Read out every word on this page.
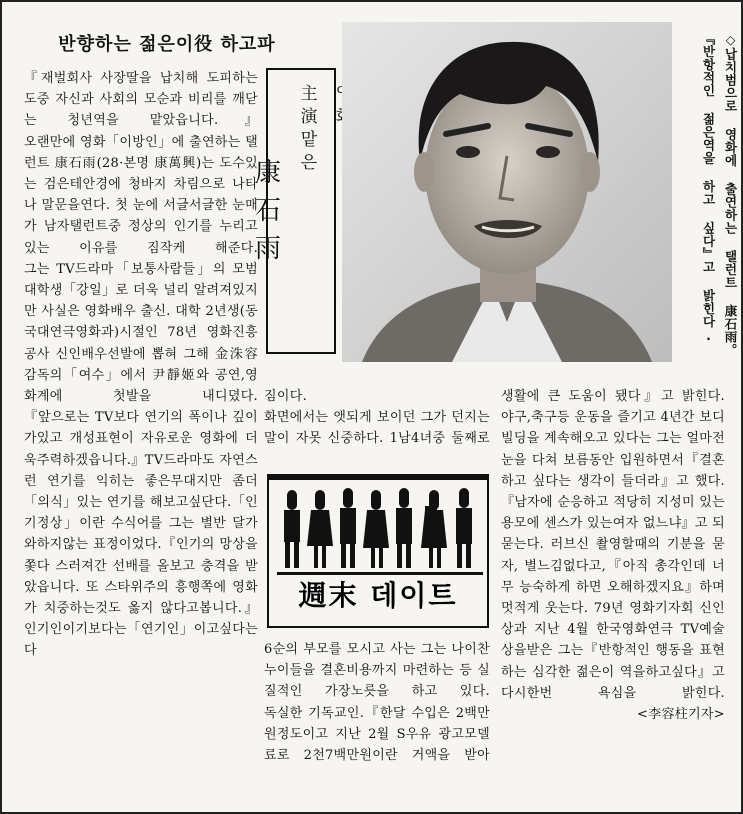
반향하는 젊은이役 하고파

『재벌회사 사장딸을 납치해 도피하는 도중 자신과 사회의 모순과 비리를 깨닫는 청년역을 맡았읍니다.』

오랜만에 영화「이방인」에 출연하는 탤런트 康石雨(28·본명 康萬興)는 도수있는 검은테안경에 청바지 차림으로 나타나 말문을연다. 첫 눈에 서글서글한 눈매가 남자탤런트중 정상의 인기를 누리고있는 이유를 짐작케 해준다.

그는 TV드라마「보통사람들」의 모범대학생「강일」로 더욱 널리 알려져있지만 사실은 영화배우 출신. 대학 2년생(동국대연극영화과)시절인 78년 영화진흥공사 신인배우선발에 뽑혀 그해 金洙容 감독의「여수」에서 尹靜姬와 공연,영화계에 첫발을 내디뎠다.

『앞으로는 TV보다 연기의 폭이나 깊이가있고 개성표현이 자유로운 영화에 더욱주력하겠읍니다.』TV드라마도 자연스런 연기를 익히는 좋은무대지만 좀더「의식」있는 연기를 해보고싶단다.「인기정상」이란 수식어를 그는 별반 달가와하지않는 표정이었다.『인기의 망상을 쫓다 스러져간 선배를 올보고 충격을 받았읍니다. 또 스타위주의 흥행쪽에 영화가 치중하는것도 옳지 않다고봅니다.』인기인이기보다는「연기인」이고싶다는 다

主演맡은
康石雨	◇납치범으로 영화에 출연하는 탤런트 康石雨。
『반항적인 젊은역을 하고 싶다』고 밝힌다.

짐이다.

화면에서는 앳되게 보이던 그가 던지는 말이 자못 신중하다. 1남4녀중 둘째로

週末 데이트

6순의 부모를 모시고 사는 그는 나이찬 누이들을 결혼비용까지 마련하는 등 실질적인 가장노릇을 하고 있다.

독실한 기독교인.『한달 수입은 2백만원정도이고 지난 2월 S우유 광고모델료로 2천7백만원이란 거액을 받아

생활에 큰 도움이 됐다』고 밝힌다.

야구,축구등 운동을 즐기고 4년간 보디빌딩을 계속해오고 있다는 그는 얼마전 눈을 다쳐 보름동안 입원하면서『결혼하고 싶다는 생각이 들더라』고 했다.

『남자에 순응하고 적당히 지성미 있는 용모에 센스가 있는여자 없느냐』고 되묻는다. 러브신 촬영할때의 기분을 묻자, 별느김없다고,『아직 총각인데 너무 능숙하게 하면 오해하겠지요』하며 멋적게 웃는다. 79년 영화기자회 신인상과 지난 4월 한국영화연극 TV예술상을받은 그는『반항적인 행동을 표현하는 심각한 젊은이 역을하고싶다』고 다시한번 욕심을 밝힌다.

<李容柱기자>
